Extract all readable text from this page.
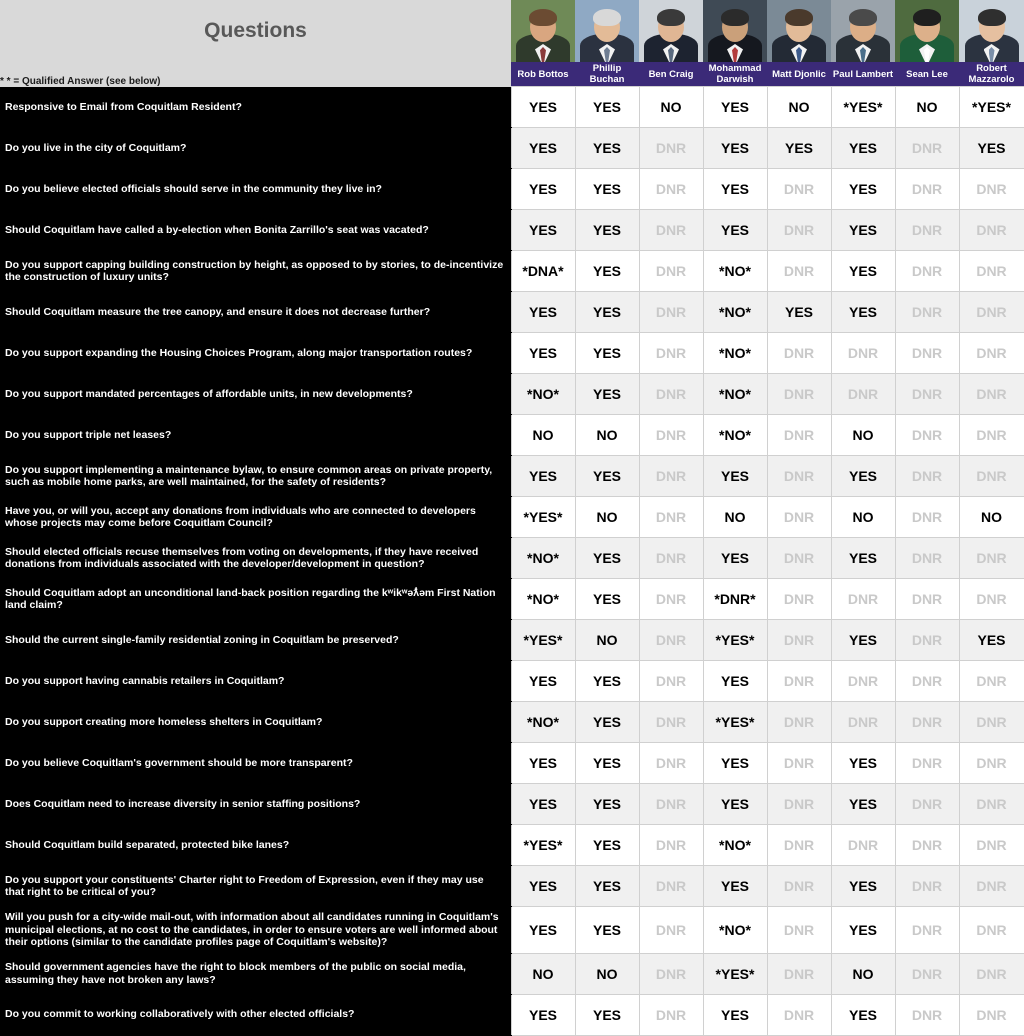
Questions	

* * = Qualified Answer (see below)	Rob Bottos	Phillip Buchan	Ben Craig	Mohammad Darwish	Matt Djonlic	Paul Lambert	Sean Lee	Robert Mazzarolo
Responsive to Email from Coquitlam Resident?	YES	YES	NO	YES	NO	*YES*	NO	*YES*
Do you live in the city of Coquitlam?	YES	YES	DNR	YES	YES	YES	DNR	YES
Do you believe elected officials should serve in the community they live in?	YES	YES	DNR	YES	DNR	YES	DNR	DNR
Should Coquitlam have called a by-election when Bonita Zarrillo's seat was vacated?	YES	YES	DNR	YES	DNR	YES	DNR	DNR
Do you support capping building construction by height, as opposed to by stories, to de-incentivize the construction of luxury units?	*DNA*	YES	DNR	*NO*	DNR	YES	DNR	DNR
Should Coquitlam measure the tree canopy, and ensure it does not decrease further?	YES	YES	DNR	*NO*	YES	YES	DNR	DNR
Do you support expanding the Housing Choices Program, along major transportation routes?	YES	YES	DNR	*NO*	DNR	DNR	DNR	DNR
Do you support mandated percentages of affordable units, in new developments?	*NO*	YES	DNR	*NO*	DNR	DNR	DNR	DNR
Do you support triple net leases?	NO	NO	DNR	*NO*	DNR	NO	DNR	DNR
Do you support implementing a maintenance bylaw, to ensure common areas on private property, such as mobile home parks, are well maintained, for the safety of residents?	YES	YES	DNR	YES	DNR	YES	DNR	DNR
Have you, or will you, accept any donations from individuals who are connected to developers whose projects may come before Coquitlam Council?	*YES*	NO	DNR	NO	DNR	NO	DNR	NO
Should elected officials recuse themselves from voting on developments, if they have received donations from individuals associated with the developer/development in question?	*NO*	YES	DNR	YES	DNR	YES	DNR	DNR
Should Coquitlam adopt an unconditional land-back position regarding the kʷikʷəƛ̓əm First Nation land claim?	*NO*	YES	DNR	*DNR*	DNR	DNR	DNR	DNR
Should the current single-family residential zoning in Coquitlam be preserved?	*YES*	NO	DNR	*YES*	DNR	YES	DNR	YES
Do you support having cannabis retailers in Coquitlam?	YES	YES	DNR	YES	DNR	DNR	DNR	DNR
Do you support creating more homeless shelters in Coquitlam?	*NO*	YES	DNR	*YES*	DNR	DNR	DNR	DNR
Do you believe Coquitlam's government should be more transparent?	YES	YES	DNR	YES	DNR	YES	DNR	DNR
Does Coquitlam need to increase diversity in senior staffing positions?	YES	YES	DNR	YES	DNR	YES	DNR	DNR
Should Coquitlam build separated, protected bike lanes?	*YES*	YES	DNR	*NO*	DNR	DNR	DNR	DNR
Do you support your constituents' Charter right to Freedom of Expression, even if they may use that right to be critical of you?	YES	YES	DNR	YES	DNR	YES	DNR	DNR
Will you push for a city-wide mail-out, with information about all candidates running in Coquitlam's municipal elections, at no cost to the candidates, in order to ensure voters are well informed about their options (similar to the candidate profiles page of Coquitlam's website)?	YES	YES	DNR	*NO*	DNR	YES	DNR	DNR
Should government agencies have the right to block members of the public on social media, assuming they have not broken any laws?	NO	NO	DNR	*YES*	DNR	NO	DNR	DNR
Do you commit to working collaboratively with other elected officials?	YES	YES	DNR	YES	DNR	YES	DNR	DNR
